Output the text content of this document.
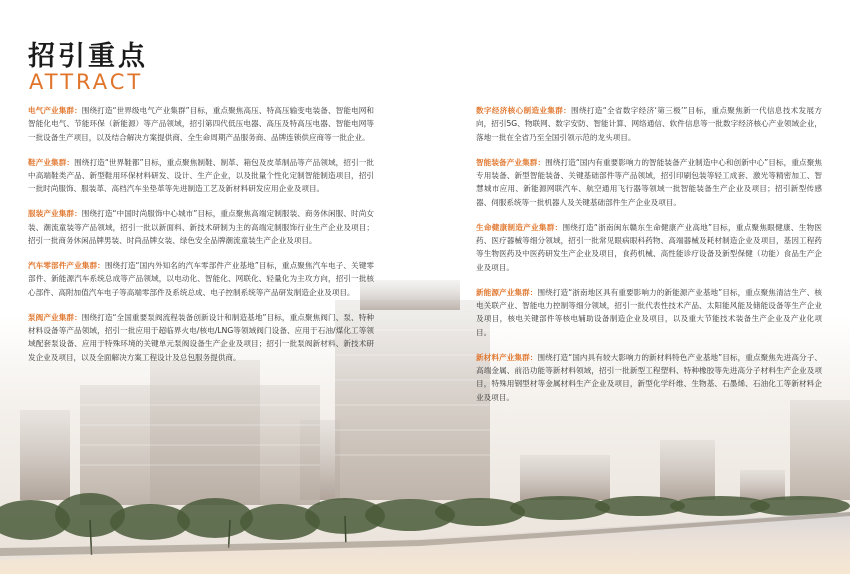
招引重点
ATTRACT

电气产业集群：围绕打造“世界级电气产业集群”目标，重点聚焦高压、特高压输变电装备、智能电网和智能化电气、节能环保（新能源）等产品领域，招引第四代低压电器、高压及特高压电器、智能电网等一批设备生产项目，以及结合解决方案提供商、全生命周期产品服务商、品牌连锁供应商等一批企业。

鞋产业集群：围绕打造“世界鞋都”目标，重点聚焦制鞋、制革、箱包及皮革制品等产品领域，招引一批中高端鞋类产品、新型鞋用环保材料研发、设计、生产企业，以及批量个性化定制智能制造项目，招引一批时尚服饰、服装革、高档汽车坐垫革等先进制造工艺及新材料研发应用企业及项目。

服装产业集群：围绕打造“中国时尚服饰中心城市”目标，重点聚焦高端定制服装、商务休闲服、时尚女装、潮流童装等产品领域，招引一批以新面料、新技术研制为主的高端定制服饰行业生产企业及项目；招引一批商务休闲品牌男装、时尚品牌女装、绿色安全品牌潮流童装生产企业及项目。

汽车零部件产业集群：围绕打造“国内外知名的汽车零部件产业基地”目标，重点聚焦汽车电子、关键零部件、新能源汽车系统总成等产品领域，以电动化、智能化、网联化、轻量化为主攻方向，招引一批核心部件、高附加值汽车电子等高端零部件及系统总成、电子控制系统等产品研发制造企业及项目。

泵阀产业集群：围绕打造“全国重要泵阀流程装备创新设计和制造基地”目标，重点聚焦阀门、泵、特种材料设备等产品领域，招引一批应用于超临界火电/核电/LNG等领域阀门设备、应用于石油/煤化工等领域配套泵设备、应用于特殊环境的关键单元泵阀设备生产企业及项目；招引一批泵阀新材料、新技术研发企业及项目，以及全面解决方案工程设计及总包服务提供商。

数字经济核心制造业集群：围绕打造“全省数字经济‘第三极’”目标，重点聚焦新一代信息技术发展方向，招引5G、物联网、数字安防、智能计算、网络通信、软件信息等一批数字经济核心产业领域企业，落地一批在全省乃至全国引领示范的龙头项目。

智能装备产业集群：围绕打造“国内有重要影响力的智能装备产业制造中心和创新中心”目标，重点聚焦专用装备、新型智能装备、关键基础部件等产品领域，招引印刷包装等轻工成套、激光等精密加工、智慧城市应用、新能源网联汽车、航空通用飞行器等领域一批智能装备生产企业及项目；招引新型传感器、伺服系统等一批机器人及关键基础部件生产企业及项目。

生命健康制造产业集群：围绕打造“浙南闽东赣东生命健康产业高地”目标，重点聚焦眼健康、生物医药、医疗器械等细分领域，招引一批常见眼病眼科药物、高端器械及耗材制造企业及项目，基因工程药等生物医药及中医药研发生产企业及项目，食药机械、高性能诊疗设备及新型保健（功能）食品生产企业及项目。

新能源产业集群：围绕打造“浙南地区具有重要影响力的新能源产业基地”目标，重点聚焦清洁生产、核电关联产业、智能电力控制等细分领域，招引一批代表性技术产品、太阳能风能及储能设备等生产企业及项目，核电关键部件等核电辅助设备制造企业及项目，以及重大节能技术装备生产企业及产业化项目。

新材料产业集群：围绕打造“国内具有较大影响力的新材料特色产业基地”目标，重点聚焦先进高分子、高端金属、前沿功能等新材料领域，招引一批新型工程塑料、特种橡胶等先进高分子材料生产企业及项目，特殊用钢型材等金属材料生产企业及项目，新型化学纤维、生物基、石墨烯、石油化工等新材料企业及项目。
